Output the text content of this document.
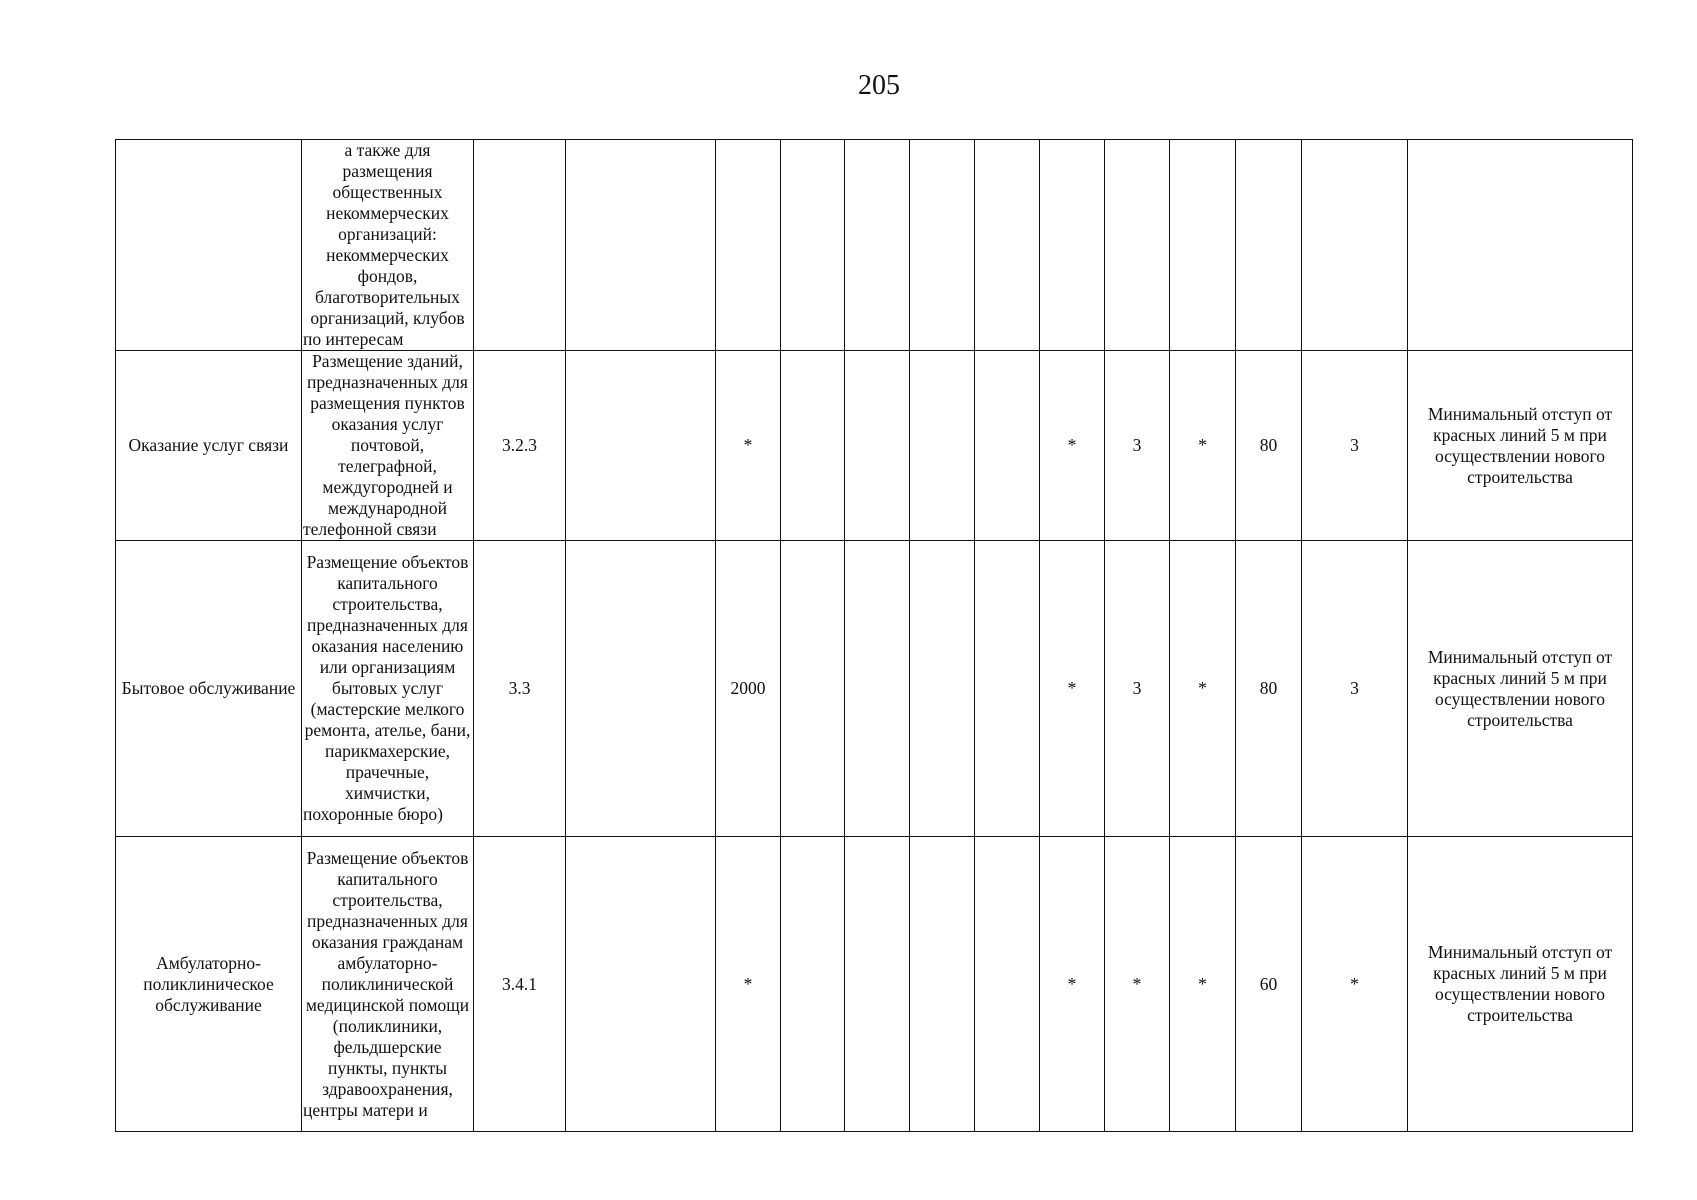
205

	а также для размещения общественных некоммерческих организаций: некоммерческих фондов, благотворительных организаций, клубов по интересам													

Оказание услуг связи	Размещение зданий, предназначенных для размещения пунктов оказания услуг почтовой, телеграфной, междугородней и международной телефонной связи	3.2.3		*					*	3	*	80	3	Минимальный отступ от красных линий 5 м при осуществлении нового строительства
Бытовое обслуживание	Размещение объектов капитального строительства, предназначенных для оказания населению или организациям бытовых услуг (мастерские мелкого ремонта, ателье, бани, парикмахерские, прачечные, химчистки, похоронные бюро)	3.3		2000					*	3	*	80	3	Минимальный отступ от красных линий 5 м при осуществлении нового строительства
Амбулаторно-поликлиническое обслуживание	Размещение объектов капитального строительства, предназначенных для оказания гражданам амбулаторно-поликлинической медицинской помощи (поликлиники, фельдшерские пункты, пункты здравоохранения, центры матери и	3.4.1		*					*	*	*	60	*	Минимальный отступ от красных линий 5 м при осуществлении нового строительства
